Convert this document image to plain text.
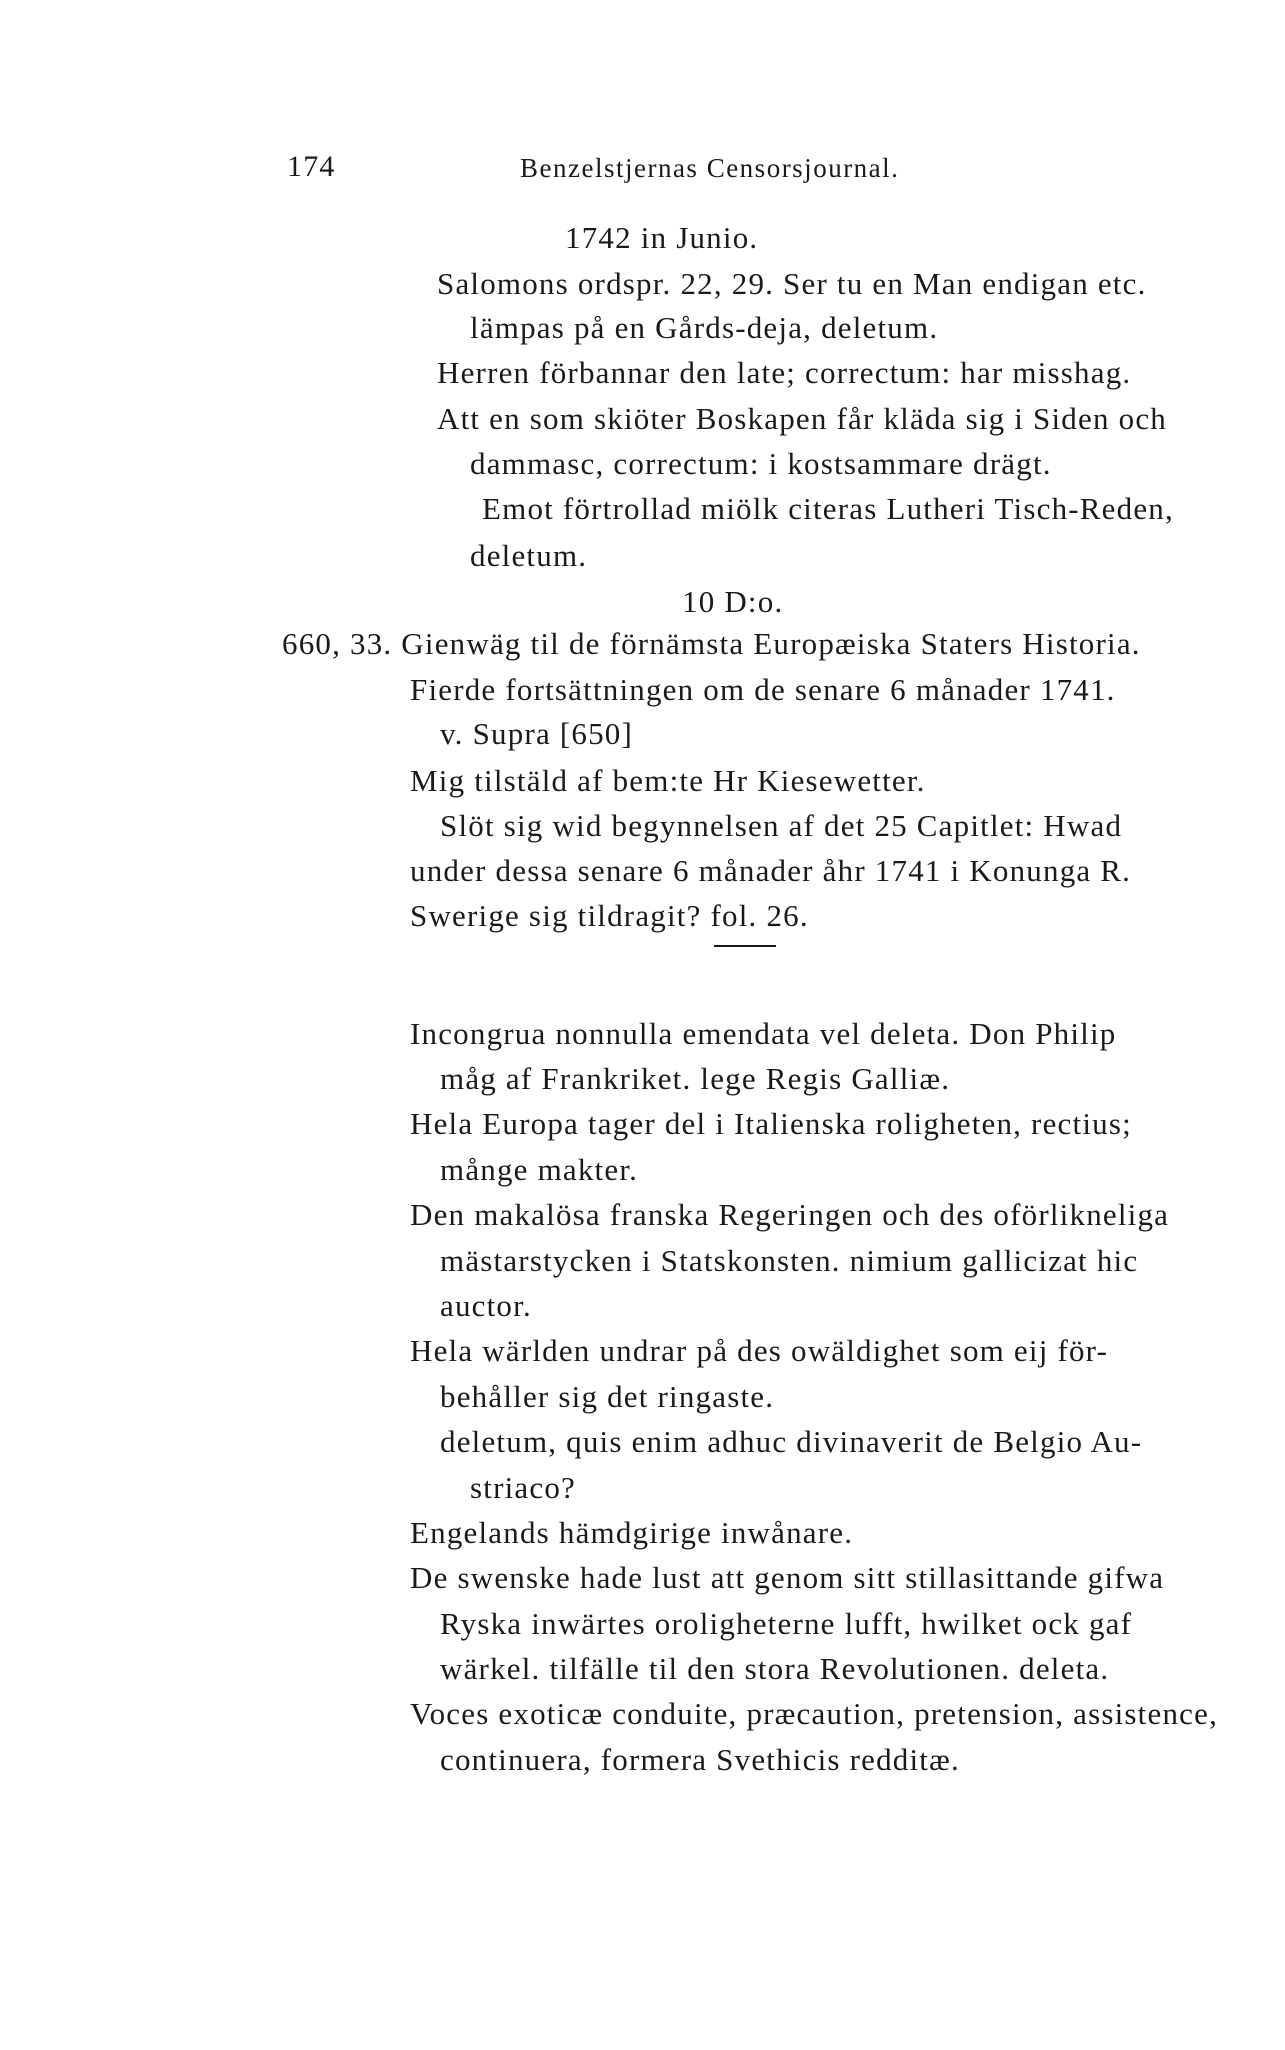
174	Benzelstjernas Censorsjournal.
1742 in Junio.
Salomons ordspr. 22, 29. Ser tu en Man endigan etc.
lämpas på en Gårds-deja, deletum.
Herren förbannar den late; correctum: har misshag.
Att en som skiöter Boskapen får kläda sig i Siden och
dammasc, correctum: i kostsammare drägt.
Emot förtrollad miölk citeras Lutheri Tisch-Reden,
deletum.
10 D:o.
660, 33. Gienwäg til de förnämsta Europæiska Staters Historia.
Fierde fortsättningen om de senare 6 månader 1741.
v. Supra [650]
Mig tilstäld af bem:te Hr Kiesewetter.
Slöt sig wid begynnelsen af det 25 Capitlet: Hwad
under dessa senare 6 månader åhr 1741 i Konunga R.
Swerige sig tildragit? fol. 26.
Incongrua nonnulla emendata vel deleta. Don Philip
måg af Frankriket. lege Regis Galliæ.
Hela Europa tager del i Italienska roligheten, rectius;
månge makter.
Den makalösa franska Regeringen och des oförlikneliga
mästarstycken i Statskonsten. nimium gallicizat hic
auctor.
Hela wärlden undrar på des owäldighet som eij för-
behåller sig det ringaste.
deletum, quis enim adhuc divinaverit de Belgio Au-
striaco?
Engelands hämdgirige inwånare.
De swenske hade lust att genom sitt stillasittande gifwa
Ryska inwärtes oroligheterne lufft, hwilket ock gaf
wärkel. tilfälle til den stora Revolutionen. deleta.
Voces exoticæ conduite, præcaution, pretension, assistence,
continuera, formera Svethicis redditæ.
